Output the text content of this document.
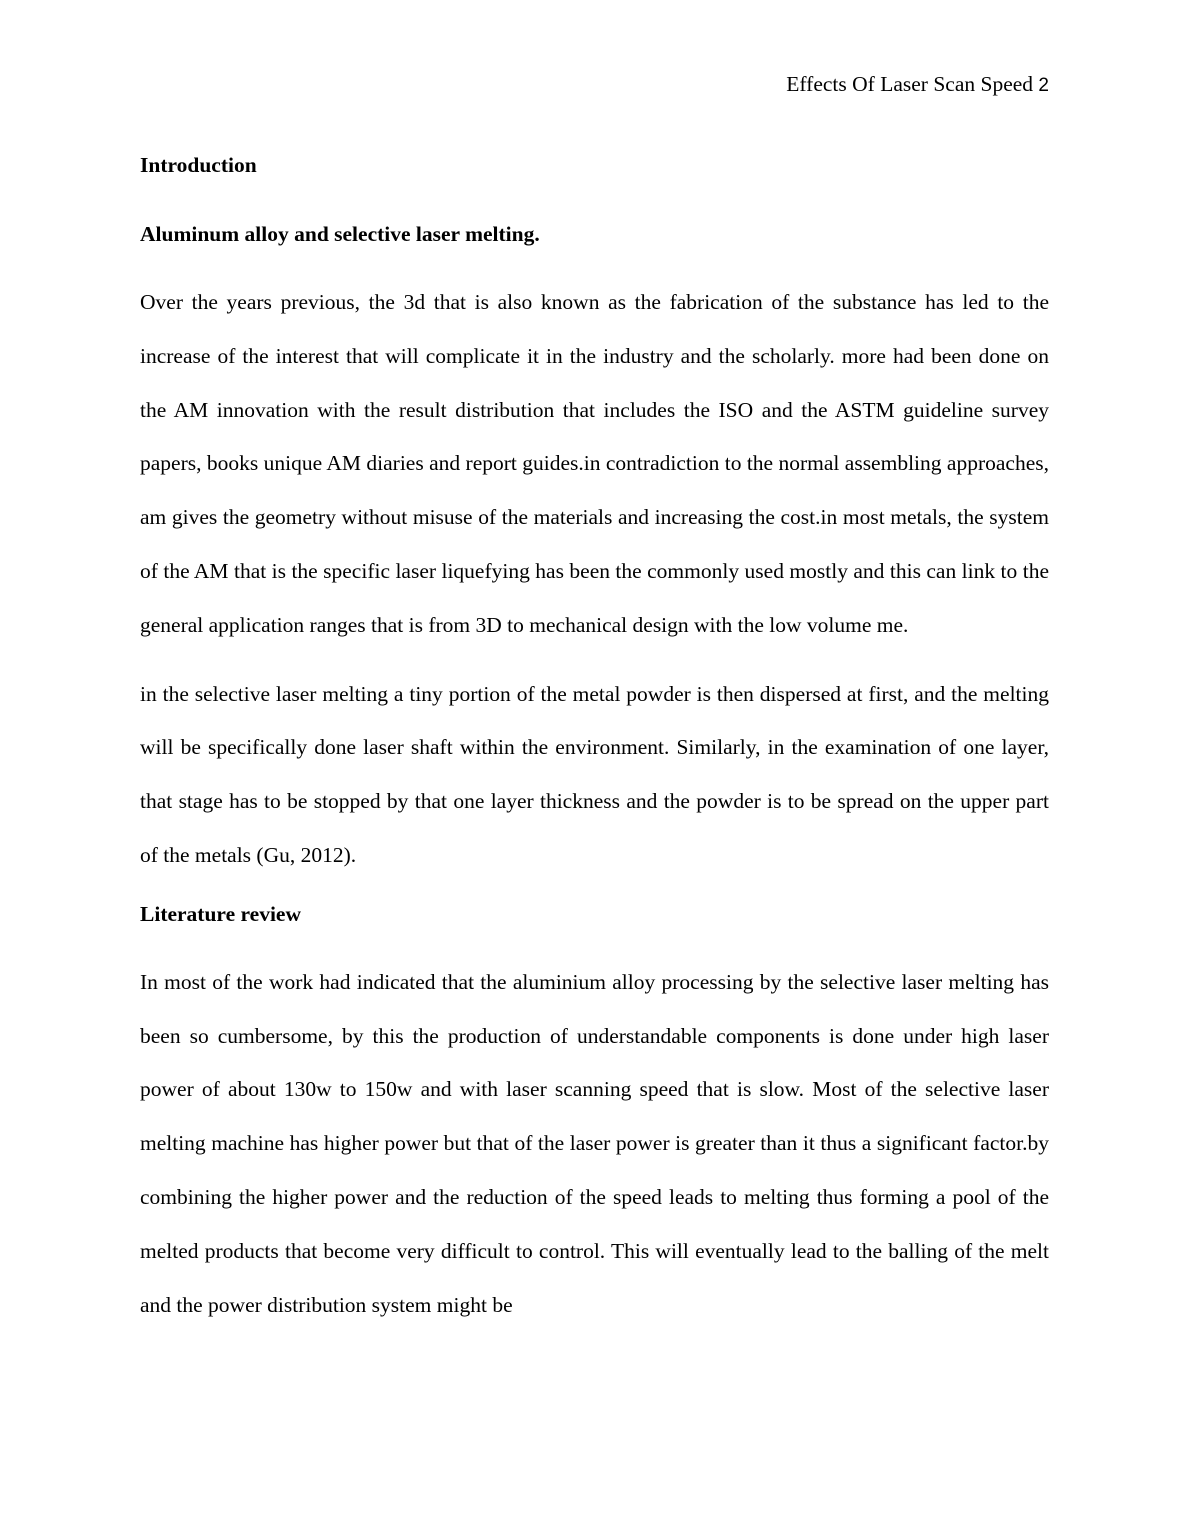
Effects Of Laser Scan Speed 2
Introduction
Aluminum alloy and selective laser melting.

Over the years previous, the 3d that is also known as the fabrication of the substance has led to the increase of the interest that will complicate it in the industry and the scholarly. more had been done on the AM innovation with the result distribution that includes the ISO and the ASTM guideline survey papers, books unique AM diaries and report guides.in contradiction to the normal assembling approaches, am gives the geometry without misuse of the materials and increasing the cost.in most metals, the system of the AM that is the specific laser liquefying has been the commonly used mostly and this can link to the general application ranges that is from 3D to mechanical design with the low volume me.

in the selective laser melting a tiny portion of the metal powder is then dispersed at first, and the melting will be specifically done laser shaft within the environment. Similarly, in the examination of one layer, that stage has to be stopped by that one layer thickness and the powder is to be spread on the upper part of the metals (Gu, 2012).

Literature review

In most of the work had indicated that the aluminium alloy processing by the selective laser melting has been so cumbersome, by this the production of understandable components is done under high laser power of about 130w to 150w and with laser scanning speed that is slow. Most of the selective laser melting machine has higher power but that of the laser power is greater than it thus a significant factor.by combining the higher power and the reduction of the speed leads to melting thus forming a pool of the melted products that become very difficult to control. This will eventually lead to the balling of the melt and the power distribution system might be
